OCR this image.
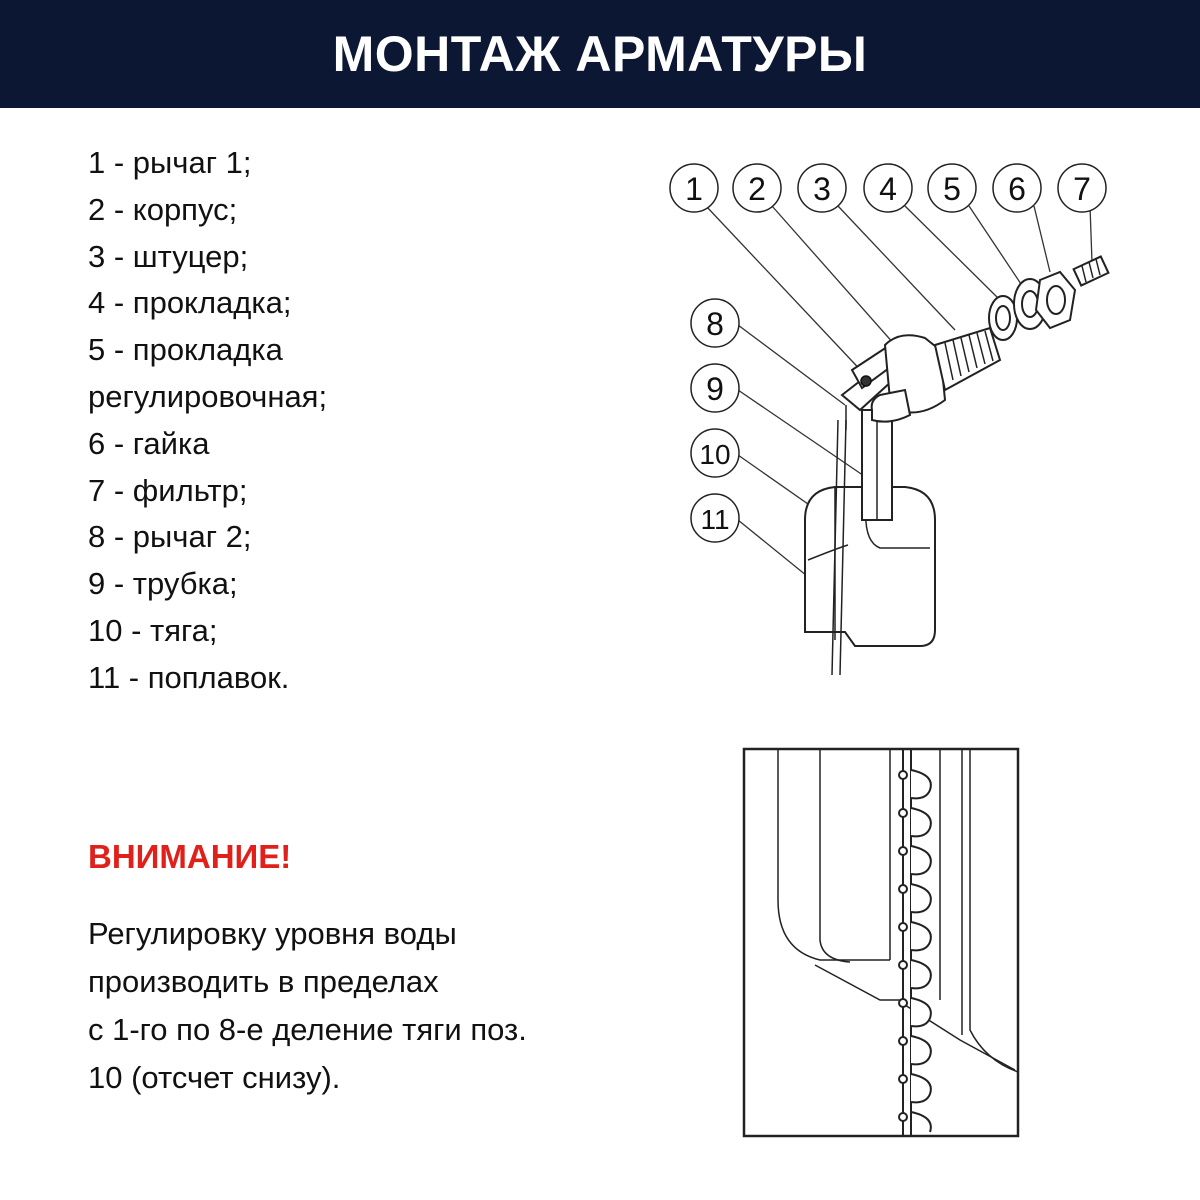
МОНТАЖ АРМАТУРЫ
1 - рычаг 1;
2 - корпус;
3 - штуцер;
4 - прокладка;
5 - прокладка
регулировочная;
6 - гайка
7 - фильтр;
8 - рычаг 2;
9 - трубка;
10 - тяга;
11 - поплавок.
1 2 3 4 5 6 7
8
9
10
11
ВНИМАНИЕ!

Регулировку уровня воды
производить в пределах
с 1-го по 8-е деление тяги поз.
10 (отсчет снизу).
